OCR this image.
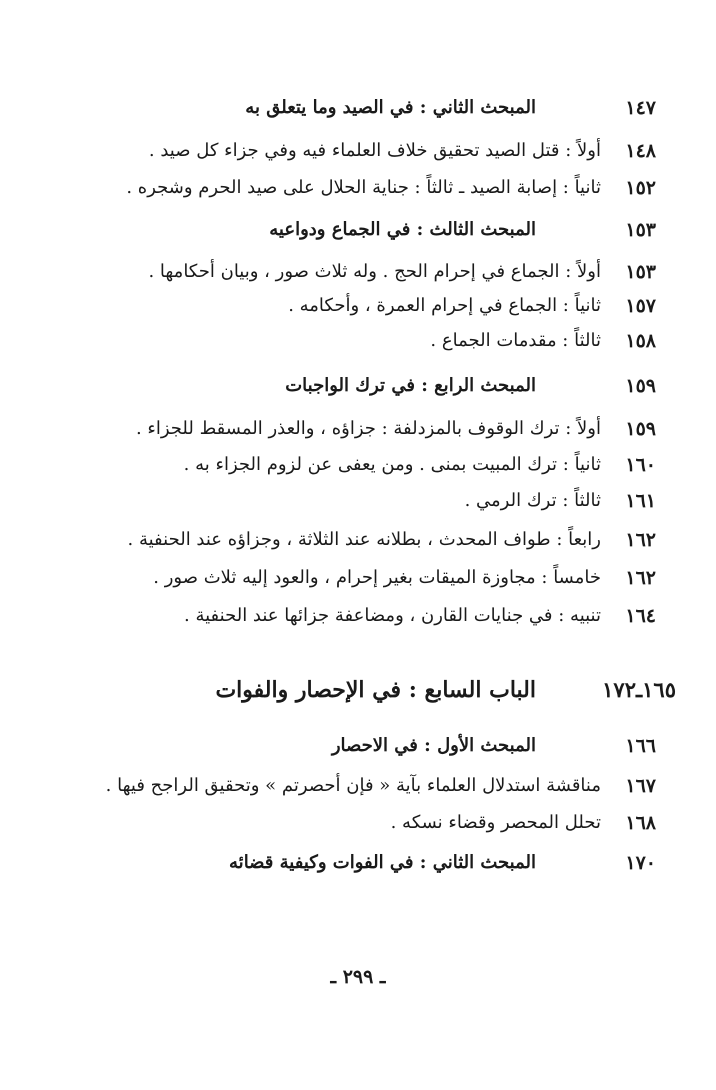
١٤٧
المبحث الثاني : في الصيد وما يتعلق به
١٤٨
أولاً : قتل الصيد تحقيق خلاف العلماء فيه وفي جزاء كل صيد .
١٥٢
ثانياً : إصابة الصيد ـ ثالثاً : جناية الحلال على صيد الحرم وشجره .
١٥٣
المبحث الثالث : في الجماع ودواعيه
١٥٣
أولاً : الجماع في إحرام الحج . وله ثلاث صور ، وبيان أحكامها .
١٥٧
ثانياً : الجماع في إحرام العمرة ، وأحكامه .
١٥٨
ثالثاً : مقدمات الجماع .
١٥٩
المبحث الرابع : في ترك الواجبات
١٥٩
أولاً : ترك الوقوف بالمزدلفة : جزاؤه ، والعذر المسقط للجزاء .
١٦٠
ثانياً : ترك المبيت بمنى . ومن يعفى عن لزوم الجزاء به .
١٦١
ثالثاً : ترك الرمي .
١٦٢
رابعاً : طواف المحدث ، بطلانه عند الثلاثة ، وجزاؤه عند الحنفية .
١٦٢
خامساً : مجاوزة الميقات بغير إحرام ، والعود إليه ثلاث صور .
١٦٤
تنبيه : في جنايات القارن ، ومضاعفة جزائها عند الحنفية .
١٦٥ـ١٧٢
الباب السابع : في الإحصار والفوات
١٦٦
المبحث الأول : في الاحصار
١٦٧
مناقشة استدلال العلماء بآية « فإن أحصرتم » وتحقيق الراجح فيها .
١٦٨
تحلل المحصر وقضاء نسكه .
١٧٠
المبحث الثاني : في الفوات وكيفية قضائه
ـ ٢٩٩ ـ
